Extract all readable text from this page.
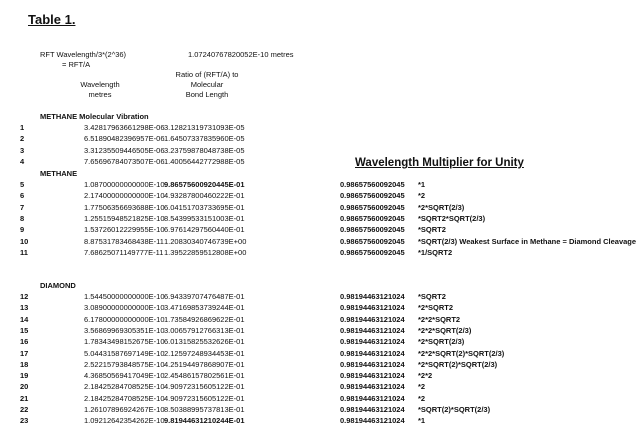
Table 1.
RFT Wavelength/3*(2^36)
= RFT/A
1.07240767820052E-10 metres
Wavelength
metres
Ratio of (RFT/A) to
Molecular
Bond Length
METHANE Molecular Vibration
METHANE
DIAMOND
Wavelength Multiplier for Unity
1	3.42817963661298E-06 3.12821319731093E-05
2	6.51890482396957E-06 1.64507337835960E-05
3	3.31235509446505E-06 3.23759878048738E-05
4	7.65696784073507E-06 1.40056442772988E-05
5	1.08700000000000E-10 9.86575600920445E-01	0.98657560092045 *1
6	2.17400000000000E-10 4.93287800460222E-01	0.98657560092045 *2
7	1.77506356693688E-10 6.04151703733695E-01	0.98657560092045 *2*SQRT(2/3)
8	1.25515948521825E-10 8.54399533151003E-01	0.98657560092045 *SQRT2*SQRT(2/3)
9	1.53726012229955E-10 6.97614297560440E-01	0.98657560092045 *SQRT2
10	8.87531783468438E-11 1.20830340746739E+00	0.98657560092045 *SQRT(2/3) Weakest Surface in Methane = Diamond Cleavage
11	7.68625071149777E-11 1.39522859512808E+00	0.98657560092045 *1/SQRT2
12	1.54450000000000E-10 6.94339707476487E-01	0.98194463121024 *SQRT2
13	3.08900000000000E-10 3.47169853739244E-01	0.98194463121024 *2*SQRT2
14	6.17800000000000E-10 1.73584926869622E-01	0.98194463121024 *2*2*SQRT2
15	3.56869969305351E-10 3.00657912766313E-01	0.98194463121024 *2*2*SQRT(2/3)
16	1.78343498152675E-10 6.01315825532626E-01	0.98194463121024 *2*SQRT(2/3)
17	5.04431587697149E-10 2.12597248934453E-01	0.98194463121024 *2*2*SQRT(2)*SQRT(2/3)
18	2.52215793848575E-10 4.25194497868907E-01	0.98194463121024 *2*SQRT(2)*SQRT(2/3)
19	4.36850569417049E-10 2.45486157802561E-01	0.98194463121024 *2*2
20	2.18425284708525E-10 4.90972315605122E-01	0.98194463121024 *2
21	2.18425284708525E-10 4.90972315605122E-01	0.98194463121024 *2
22	1.26107896924267E-10 8.50388995737813E-01	0.98194463121024 *SQRT(2)*SQRT(2/3)
23	1.09212642354262E-10 9.81944631210244E-01	0.98194463121024 *1
